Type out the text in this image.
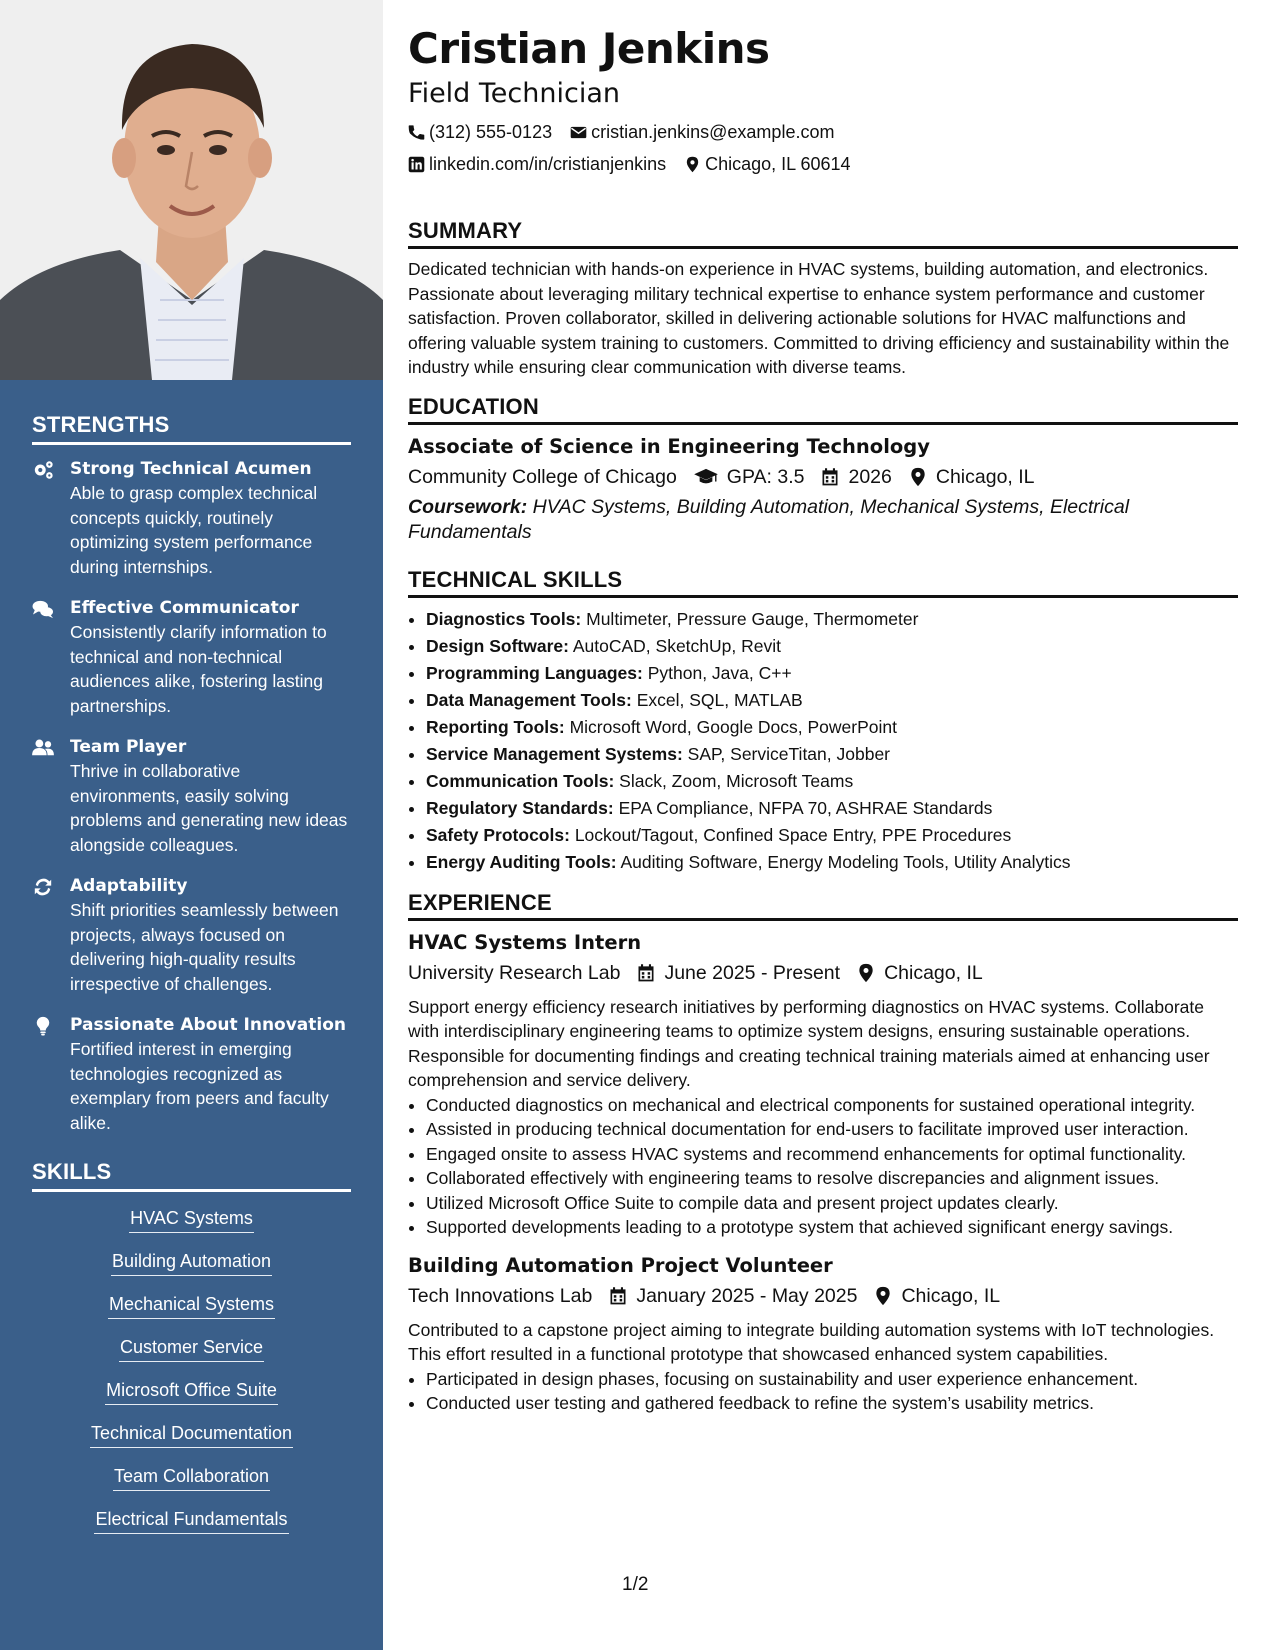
STRENGTHS
Strong Technical Acumen
Able to grasp complex technical concepts quickly, routinely optimizing system performance during internships.
Effective Communicator
Consistently clarify information to technical and non-technical audiences alike, fostering lasting partnerships.
Team Player
Thrive in collaborative environments, easily solving problems and generating new ideas alongside colleagues.
Adaptability
Shift priorities seamlessly between projects, always focused on delivering high-quality results irrespective of challenges.
Passionate About Innovation
Fortified interest in emerging technologies recognized as exemplary from peers and faculty alike.
SKILLS
HVAC Systems
Building Automation
Mechanical Systems
Customer Service
Microsoft Office Suite
Technical Documentation
Team Collaboration
Electrical Fundamentals
Cristian Jenkins
Field Technician
(312) 555-0123 cristian.jenkins@example.com
linkedin.com/in/cristianjenkins Chicago, IL 60614
SUMMARY

Dedicated technician with hands-on experience in HVAC systems, building automation, and electronics. Passionate about leveraging military technical expertise to enhance system performance and customer satisfaction. Proven collaborator, skilled in delivering actionable solutions for HVAC malfunctions and offering valuable system training to customers. Committed to driving efficiency and sustainability within the industry while ensuring clear communication with diverse teams.

EDUCATION
Associate of Science in Engineering Technology
Community College of Chicago	GPA: 3.5 2026 Chicago, IL

Coursework: HVAC Systems, Building Automation, Mechanical Systems, Electrical Fundamentals

TECHNICAL SKILLS
• Diagnostics Tools: Multimeter, Pressure Gauge, Thermometer
• Design Software: AutoCAD, SketchUp, Revit
• Programming Languages: Python, Java, C++
• Data Management Tools: Excel, SQL, MATLAB
• Reporting Tools: Microsoft Word, Google Docs, PowerPoint
• Service Management Systems: SAP, ServiceTitan, Jobber
• Communication Tools: Slack, Zoom, Microsoft Teams
• Regulatory Standards: EPA Compliance, NFPA 70, ASHRAE Standards
• Safety Protocols: Lockout/Tagout, Confined Space Entry, PPE Procedures
• Energy Auditing Tools: Auditing Software, Energy Modeling Tools, Utility Analytics
EXPERIENCE
HVAC Systems Intern
University Research Lab June 2025 - Present Chicago, IL

Support energy efficiency research initiatives by performing diagnostics on HVAC systems. Collaborate with interdisciplinary engineering teams to optimize system designs, ensuring sustainable operations. Responsible for documenting findings and creating technical training materials aimed at enhancing user comprehension and service delivery.

• Conducted diagnostics on mechanical and electrical components for sustained operational integrity.
• Assisted in producing technical documentation for end-users to facilitate improved user interaction.
• Engaged onsite to assess HVAC systems and recommend enhancements for optimal functionality.
• Collaborated effectively with engineering teams to resolve discrepancies and alignment issues.
• Utilized Microsoft Office Suite to compile data and present project updates clearly.
• Supported developments leading to a prototype system that achieved significant energy savings.
Building Automation Project Volunteer
Tech Innovations Lab January 2025 - May 2025 Chicago, IL

Contributed to a capstone project aiming to integrate building automation systems with IoT technologies. This effort resulted in a functional prototype that showcased enhanced system capabilities.

• Participated in design phases, focusing on sustainability and user experience enhancement.
• Conducted user testing and gathered feedback to refine the system’s usability metrics.
1/2
